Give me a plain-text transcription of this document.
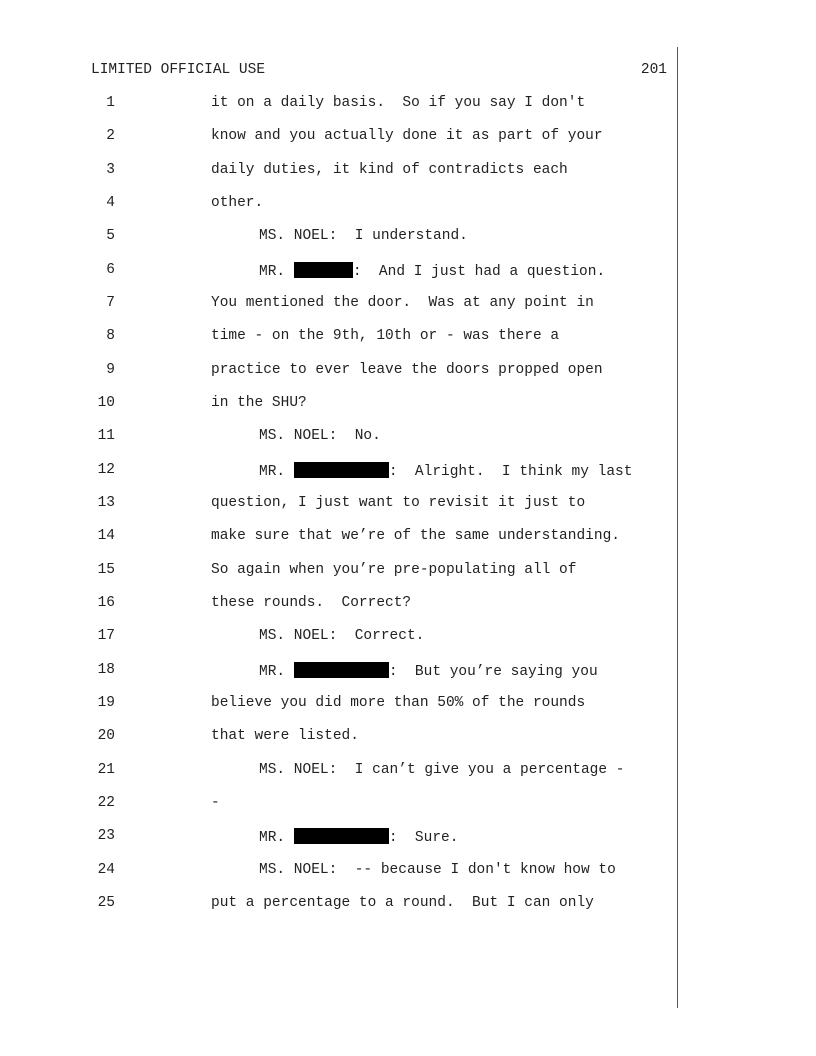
LIMITED OFFICIAL USE	201
1	it on a daily basis.  So if you say I don't
2	know and you actually done it as part of your
3	daily duties, it kind of contradicts each
4	other.
5	MS. NOEL:  I understand.
6	MR.	:  And I just had a question.
7	You mentioned the door.  Was at any point in
8	time - on the 9th, 10th or - was there a
9	practice to ever leave the doors propped open
10	in the SHU?
11	MS. NOEL:  No.
12	MR.	:  Alright.  I think my last
13	question, I just want to revisit it just to
14	make sure that we’re of the same understanding.
15	So again when you’re pre-populating all of
16	these rounds.  Correct?
17	MS. NOEL:  Correct.
18	MR.	:  But you’re saying you
19	believe you did more than 50% of the rounds
20	that were listed.
21	MS. NOEL:  I can’t give you a percentage -
22	-
23	MR.	:  Sure.
24	MS. NOEL:  -- because I don't know how to
25	put a percentage to a round.  But I can only
